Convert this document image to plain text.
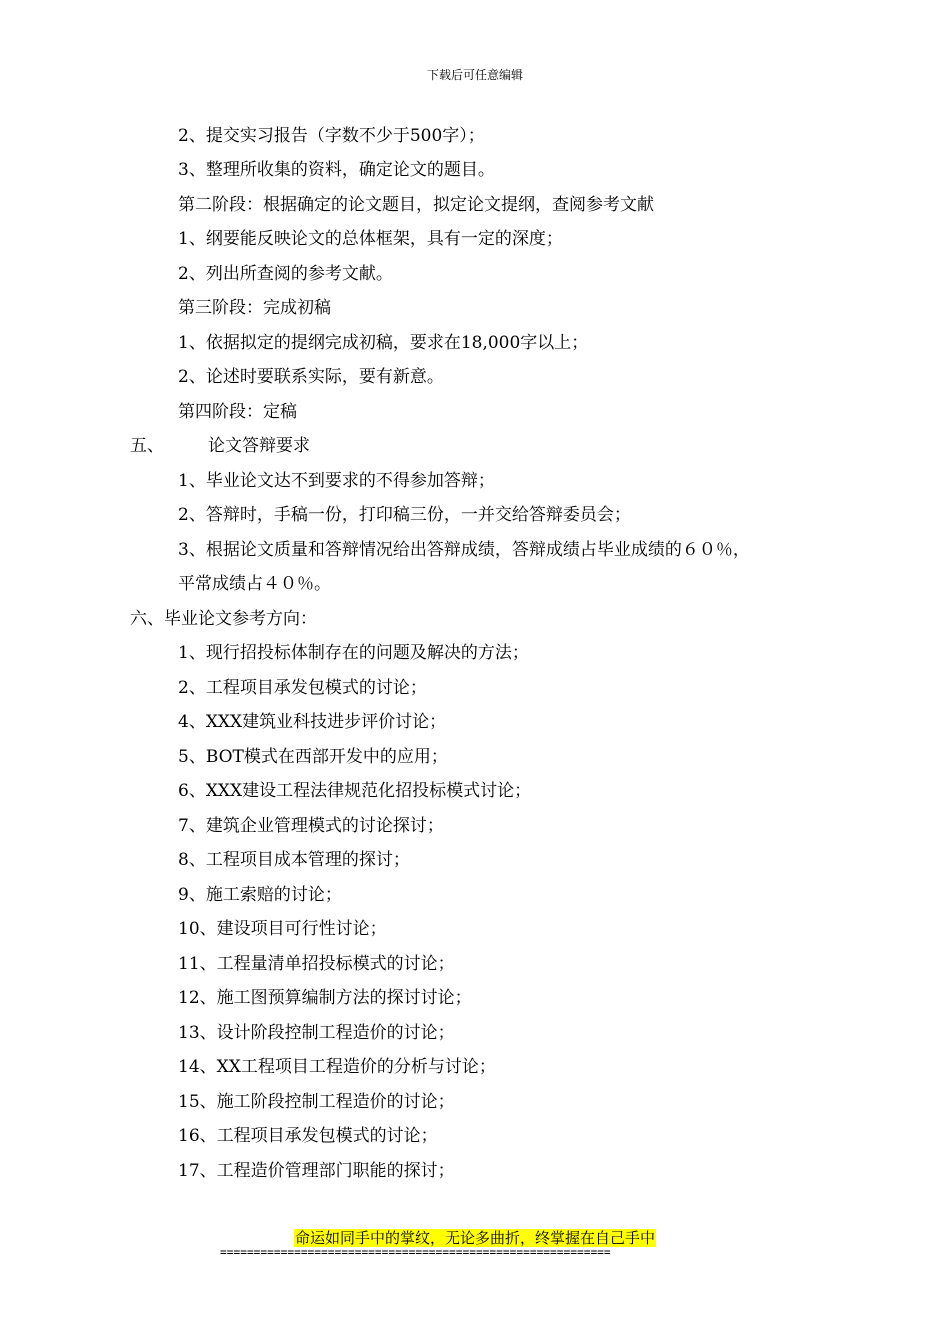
下载后可任意编辑
2、提交实习报告（字数不少于500字）；
3、整理所收集的资料，确定论文的题目。
第二阶段：根据确定的论文题目，拟定论文提纲，查阅参考文献
1、纲要能反映论文的总体框架，具有一定的深度；
2、列出所查阅的参考文献。
第三阶段：完成初稿
1、依据拟定的提纲完成初稿，要求在18,000字以上；
2、论述时要联系实际，要有新意。
第四阶段：定稿
五、	论文答辩要求
1、毕业论文达不到要求的不得参加答辩；
2、答辩时，手稿一份，打印稿三份，一并交给答辩委员会；
3、根据论文质量和答辩情况给出答辩成绩，答辩成绩占毕业成绩的６０％，
平常成绩占４０％。
六、毕业论文参考方向：
1、现行招投标体制存在的问题及解决的方法；
2、工程项目承发包模式的讨论；
4、XXX建筑业科技进步评价讨论；
5、BOT模式在西部开发中的应用；
6、XXX建设工程法律规范化招投标模式讨论；
7、建筑企业管理模式的讨论探讨；
8、工程项目成本管理的探讨；
9、施工索赔的讨论；
10、建设项目可行性讨论；
11、工程量清单招投标模式的讨论；
12、施工图预算编制方法的探讨讨论；
13、设计阶段控制工程造价的讨论；
14、XX工程项目工程造价的分析与讨论；
15、施工阶段控制工程造价的讨论；
16、工程项目承发包模式的讨论；
17、工程造价管理部门职能的探讨；
命运如同手中的掌纹，无论多曲折，终掌握在自己手中
==========================================================
